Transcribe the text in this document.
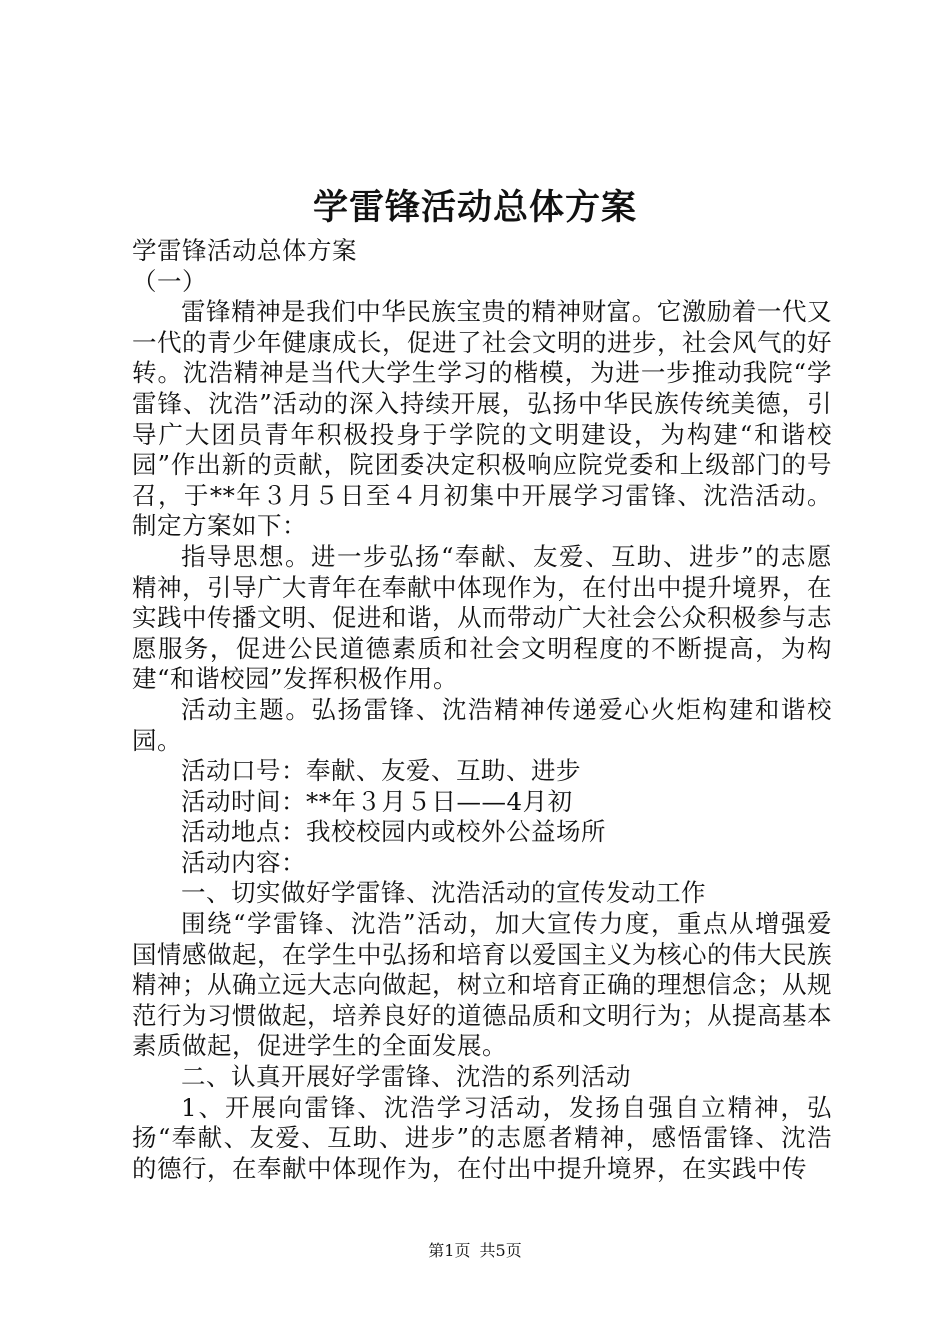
学雷锋活动总体方案

学雷锋活动总体方案

（一）

雷锋精神是我们中华民族宝贵的精神财富。它激励着一代又一代的青少年健康成长，促进了社会文明的进步，社会风气的好转。沈浩精神是当代大学生学习的楷模，为进一步推动我院“学雷锋、沈浩”活动的深入持续开展，弘扬中华民族传统美德，引导广大团员青年积极投身于学院的文明建设，为构建“和谐校园”作出新的贡献，院团委决定积极响应院党委和上级部门的号召，于**年３月５日至４月初集中开展学习雷锋、沈浩活动。制定方案如下：

指导思想。进一步弘扬“奉献、友爱、互助、进步”的志愿精神，引导广大青年在奉献中体现作为，在付出中提升境界，在实践中传播文明、促进和谐，从而带动广大社会公众积极参与志愿服务，促进公民道德素质和社会文明程度的不断提高，为构建“和谐校园”发挥积极作用。

活动主题。弘扬雷锋、沈浩精神传递爱心火炬构建和谐校园。

活动口号：奉献、友爱、互助、进步

活动时间：**年３月５日——4月初

活动地点：我校校园内或校外公益场所

活动内容：

一、切实做好学雷锋、沈浩活动的宣传发动工作

围绕“学雷锋、沈浩”活动，加大宣传力度，重点从增强爱国情感做起，在学生中弘扬和培育以爱国主义为核心的伟大民族精神；从确立远大志向做起，树立和培育正确的理想信念；从规范行为习惯做起，培养良好的道德品质和文明行为；从提高基本素质做起，促进学生的全面发展。

二、认真开展好学雷锋、沈浩的系列活动

1、开展向雷锋、沈浩学习活动，发扬自强自立精神，弘扬“奉献、友爱、互助、进步”的志愿者精神，感悟雷锋、沈浩的德行，在奉献中体现作为，在付出中提升境界，在实践中传

第1页 共5页
